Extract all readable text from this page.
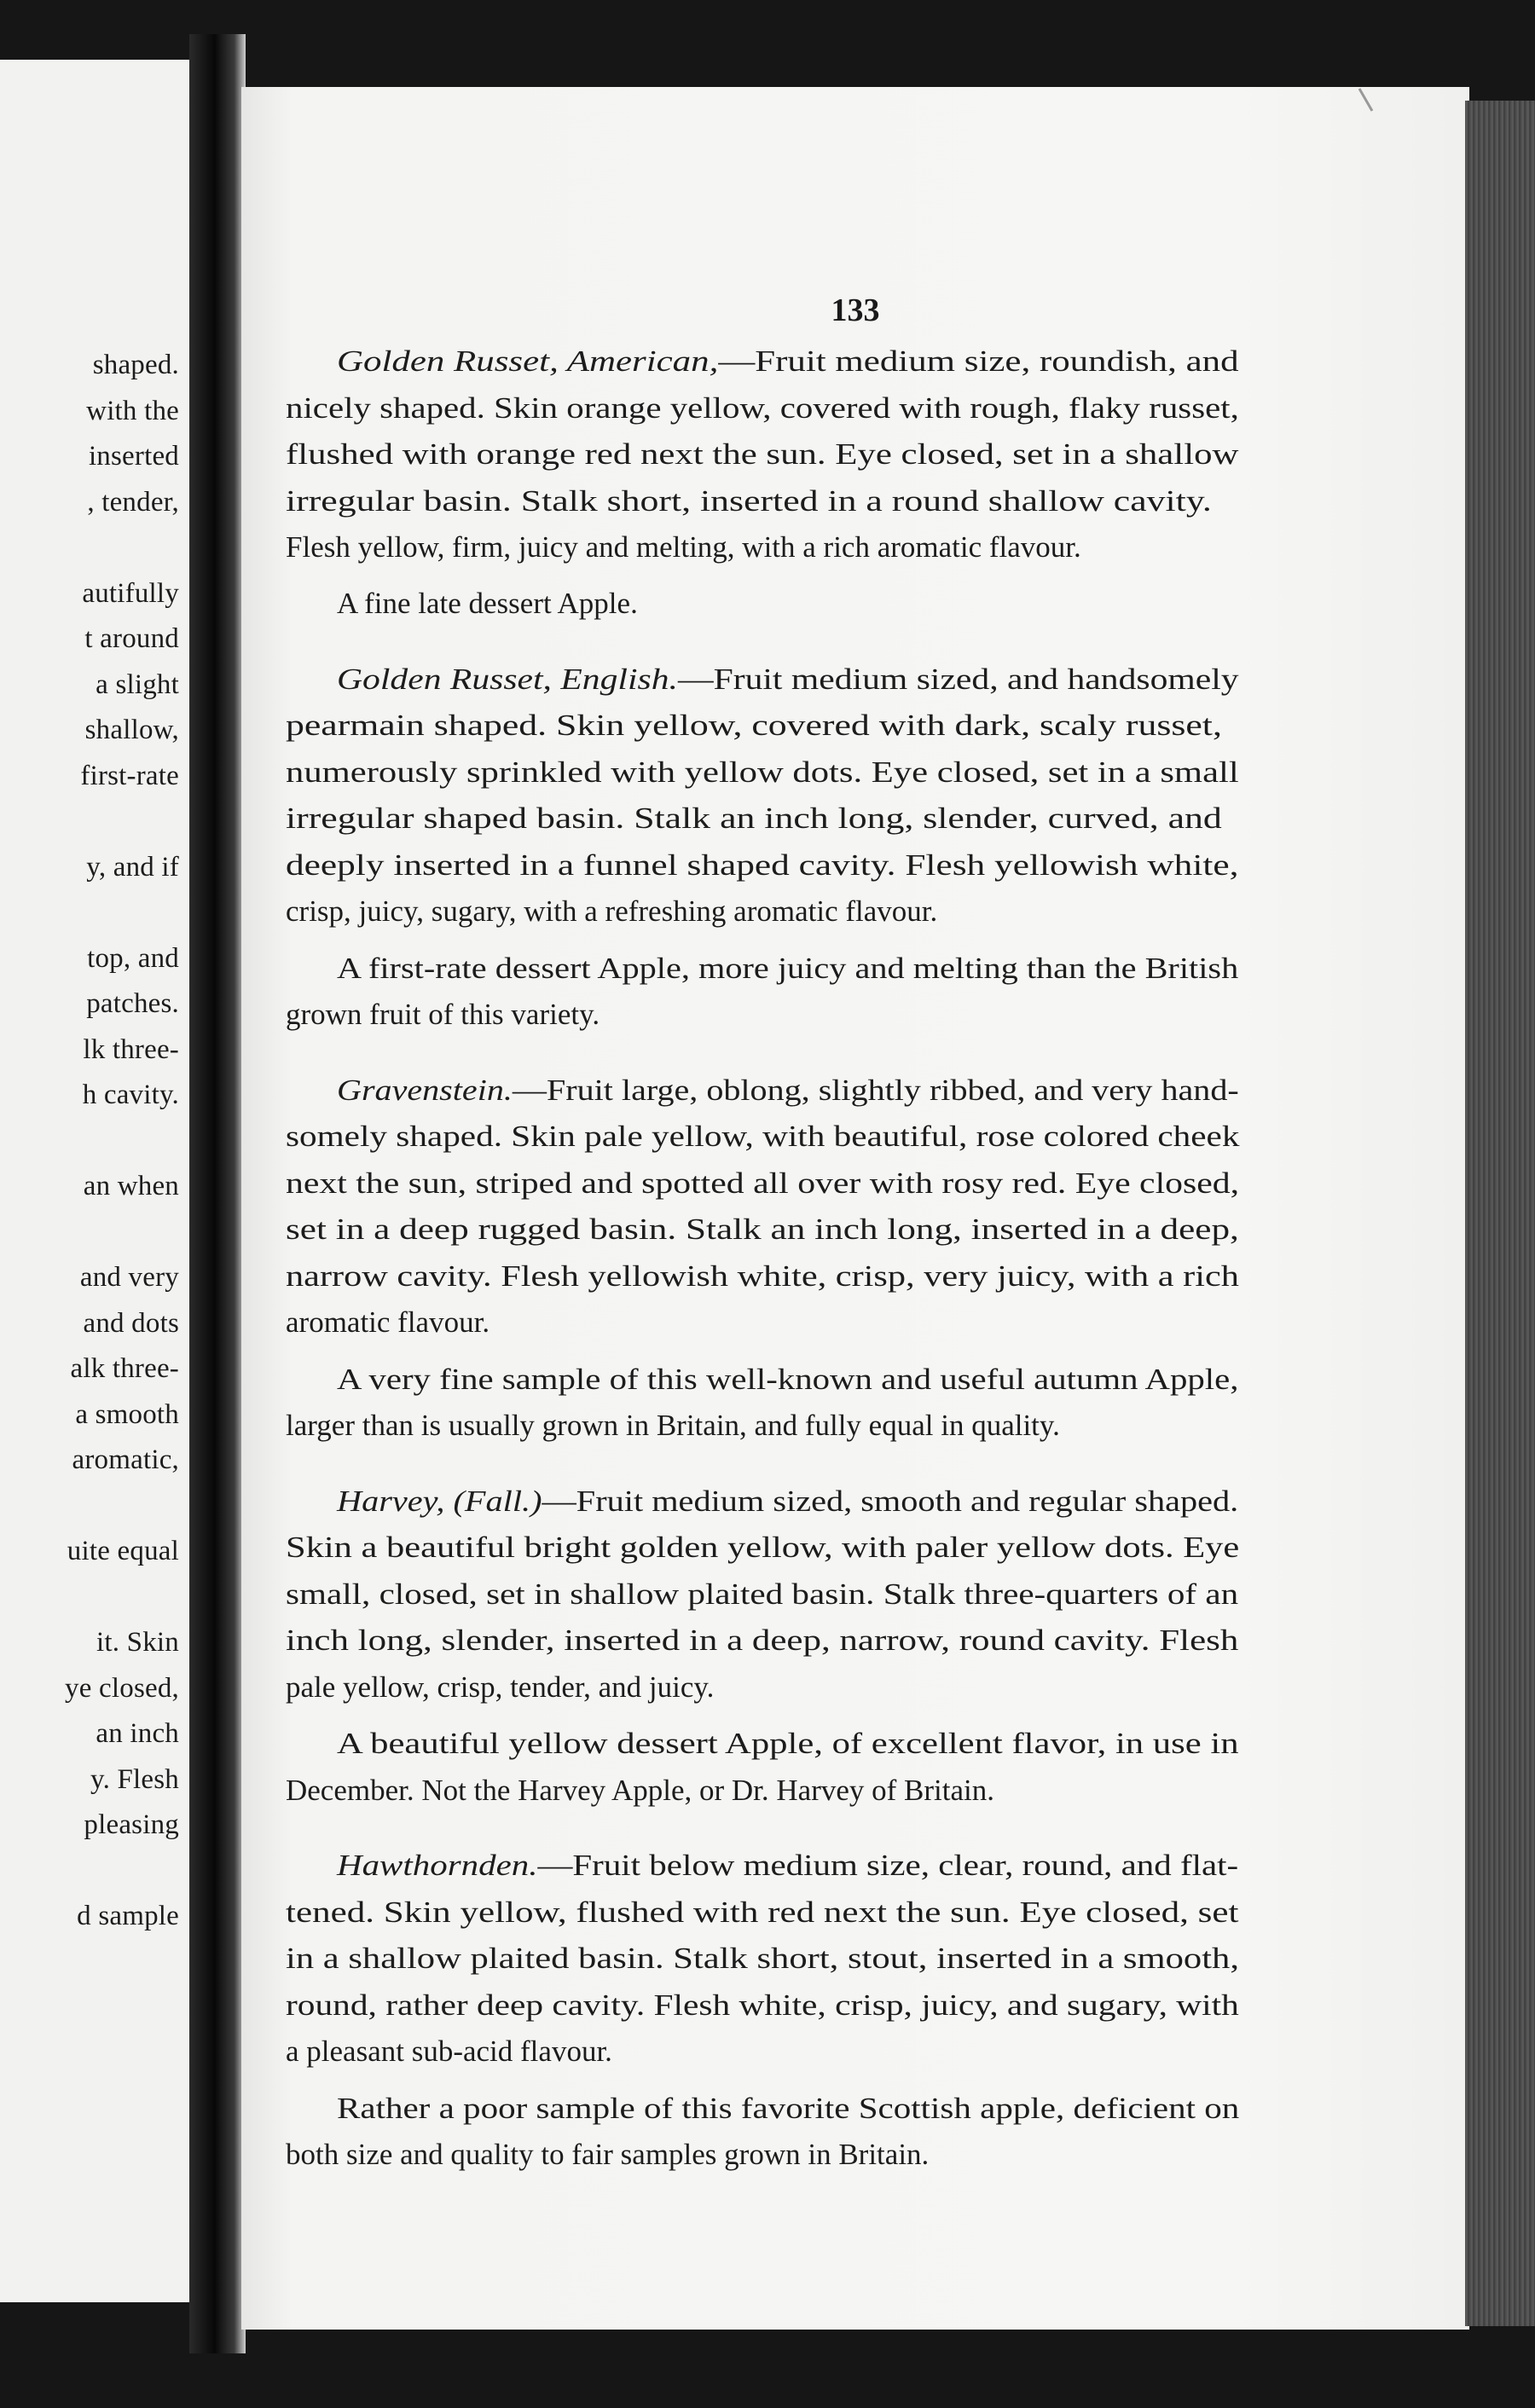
shaped.
with the
inserted
, tender,
autifully
t around
a slight
shallow,
first-rate
y, and if
top, and
patches.
lk three-
h cavity.
an when
and very
and dots
alk three-
a smooth
aromatic,
uite equal
it. Skin
ye closed,
an inch
y. Flesh
pleasing
d sample
133
Golden Russet, American,—Fruit medium size, roundish, and
nicely shaped. Skin orange yellow, covered with rough, flaky russet,
flushed with orange red next the sun. Eye closed, set in a shallow
irregular basin. Stalk short, inserted in a round shallow cavity.
Flesh yellow, firm, juicy and melting, with a rich aromatic flavour.
A fine late dessert Apple.
Golden Russet, English.—Fruit medium sized, and handsomely
pearmain shaped. Skin yellow, covered with dark, scaly russet,
numerously sprinkled with yellow dots. Eye closed, set in a small
irregular shaped basin. Stalk an inch long, slender, curved, and
deeply inserted in a funnel shaped cavity. Flesh yellowish white,
crisp, juicy, sugary, with a refreshing aromatic flavour.
A first-rate dessert Apple, more juicy and melting than the British
grown fruit of this variety.
Gravenstein.—Fruit large, oblong, slightly ribbed, and very hand-
somely shaped. Skin pale yellow, with beautiful, rose colored cheek
next the sun, striped and spotted all over with rosy red. Eye closed,
set in a deep rugged basin. Stalk an inch long, inserted in a deep,
narrow cavity. Flesh yellowish white, crisp, very juicy, with a rich
aromatic flavour.
A very fine sample of this well-known and useful autumn Apple,
larger than is usually grown in Britain, and fully equal in quality.
Harvey, (Fall.)—Fruit medium sized, smooth and regular shaped.
Skin a beautiful bright golden yellow, with paler yellow dots. Eye
small, closed, set in shallow plaited basin. Stalk three-quarters of an
inch long, slender, inserted in a deep, narrow, round cavity. Flesh
pale yellow, crisp, tender, and juicy.
A beautiful yellow dessert Apple, of excellent flavor, in use in
December. Not the Harvey Apple, or Dr. Harvey of Britain.
Hawthornden.—Fruit below medium size, clear, round, and flat-
tened. Skin yellow, flushed with red next the sun. Eye closed, set
in a shallow plaited basin. Stalk short, stout, inserted in a smooth,
round, rather deep cavity. Flesh white, crisp, juicy, and sugary, with
a pleasant sub-acid flavour.
Rather a poor sample of this favorite Scottish apple, deficient on
both size and quality to fair samples grown in Britain.
